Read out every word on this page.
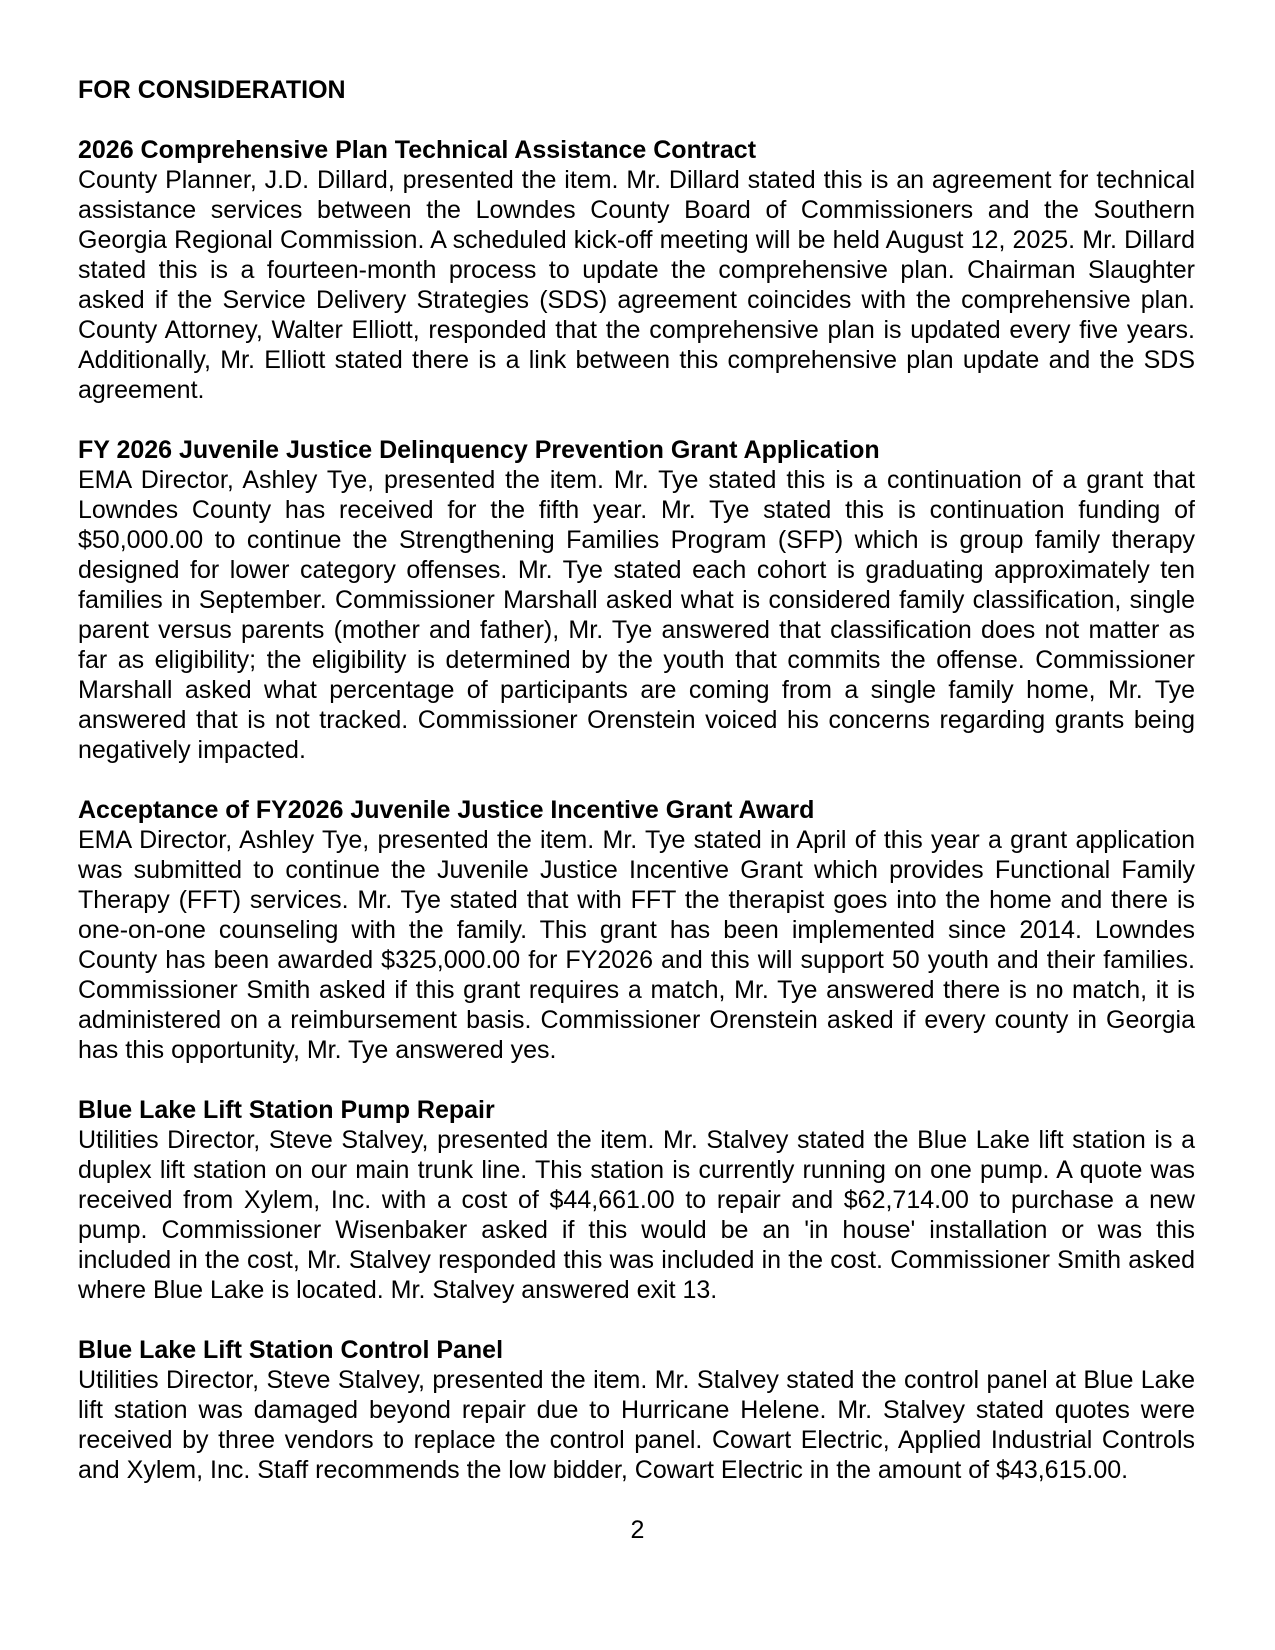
FOR CONSIDERATION
2026 Comprehensive Plan Technical Assistance Contract

County Planner, J.D. Dillard, presented the item. Mr. Dillard stated this is an agreement for technical assistance services between the Lowndes County Board of Commissioners and the Southern Georgia Regional Commission. A scheduled kick-off meeting will be held August 12, 2025. Mr. Dillard stated this is a fourteen-month process to update the comprehensive plan. Chairman Slaughter asked if the Service Delivery Strategies (SDS) agreement coincides with the comprehensive plan. County Attorney, Walter Elliott, responded that the comprehensive plan is updated every five years. Additionally, Mr. Elliott stated there is a link between this comprehensive plan update and the SDS agreement.

FY 2026 Juvenile Justice Delinquency Prevention Grant Application

EMA Director, Ashley Tye, presented the item. Mr. Tye stated this is a continuation of a grant that Lowndes County has received for the fifth year. Mr. Tye stated this is continuation funding of $50,000.00 to continue the Strengthening Families Program (SFP) which is group family therapy designed for lower category offenses. Mr. Tye stated each cohort is graduating approximately ten families in September. Commissioner Marshall asked what is considered family classification, single parent versus parents (mother and father), Mr. Tye answered that classification does not matter as far as eligibility; the eligibility is determined by the youth that commits the offense. Commissioner Marshall asked what percentage of participants are coming from a single family home, Mr. Tye answered that is not tracked. Commissioner Orenstein voiced his concerns regarding grants being negatively impacted.

Acceptance of FY2026 Juvenile Justice Incentive Grant Award

EMA Director, Ashley Tye, presented the item. Mr. Tye stated in April of this year a grant application was submitted to continue the Juvenile Justice Incentive Grant which provides Functional Family Therapy (FFT) services. Mr. Tye stated that with FFT the therapist goes into the home and there is one-on-one counseling with the family. This grant has been implemented since 2014. Lowndes County has been awarded $325,000.00 for FY2026 and this will support 50 youth and their families. Commissioner Smith asked if this grant requires a match, Mr. Tye answered there is no match, it is administered on a reimbursement basis. Commissioner Orenstein asked if every county in Georgia has this opportunity, Mr. Tye answered yes.

Blue Lake Lift Station Pump Repair

Utilities Director, Steve Stalvey, presented the item. Mr. Stalvey stated the Blue Lake lift station is a duplex lift station on our main trunk line. This station is currently running on one pump. A quote was received from Xylem, Inc. with a cost of $44,661.00 to repair and $62,714.00 to purchase a new pump. Commissioner Wisenbaker asked if this would be an 'in house' installation or was this included in the cost, Mr. Stalvey responded this was included in the cost. Commissioner Smith asked where Blue Lake is located. Mr. Stalvey answered exit 13.

Blue Lake Lift Station Control Panel

Utilities Director, Steve Stalvey, presented the item. Mr. Stalvey stated the control panel at Blue Lake lift station was damaged beyond repair due to Hurricane Helene. Mr. Stalvey stated quotes were received by three vendors to replace the control panel. Cowart Electric, Applied Industrial Controls and Xylem, Inc. Staff recommends the low bidder, Cowart Electric in the amount of $43,615.00.

2
